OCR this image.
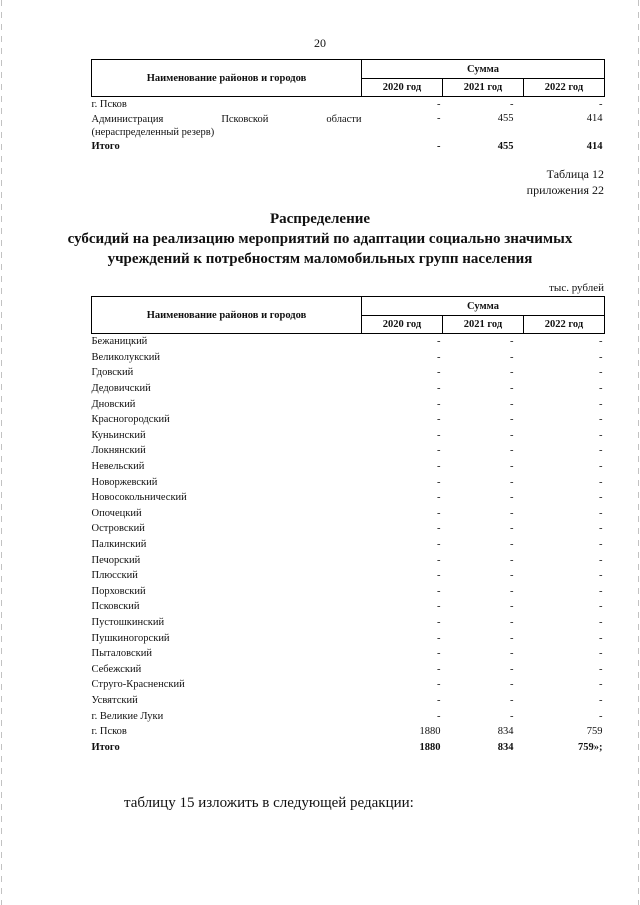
20
Наименование районов и городов	Сумма		
	2020 год	2021 год	2022 год
г. Псков	-	-	-

Администрация Псковской области
(нераспределенный резерв)	-	455	414
Итого	-	455	414
Таблица 12
приложения 22
Распределение
субсидий на реализацию мероприятий по адаптации социально значимых
учреждений к потребностям маломобильных групп населения
тыс. рублей
Наименование районов и городов	Сумма		
	2020 год	2021 год	2022 год
Бежаницкий	-	-	-
Великолукский	-	-	-
Гдовский	-	-	-
Дедовичский	-	-	-
Дновский	-	-	-
Красногородский	-	-	-
Куньинский	-	-	-
Локнянский	-	-	-
Невельский	-	-	-
Новоржевский	-	-	-
Новосокольнический	-	-	-
Опочецкий	-	-	-
Островский	-	-	-
Палкинский	-	-	-
Печорский	-	-	-
Плюсский	-	-	-
Порховский	-	-	-
Псковский	-	-	-
Пустошкинский	-	-	-
Пушкиногорский	-	-	-
Пыталовский	-	-	-
Себежский	-	-	-
Струго-Красненский	-	-	-
Усвятский	-	-	-
г. Великие Луки	-	-	-
г. Псков	1880	834	759
Итого	1880	834	759»;
таблицу 15 изложить в следующей редакции:
